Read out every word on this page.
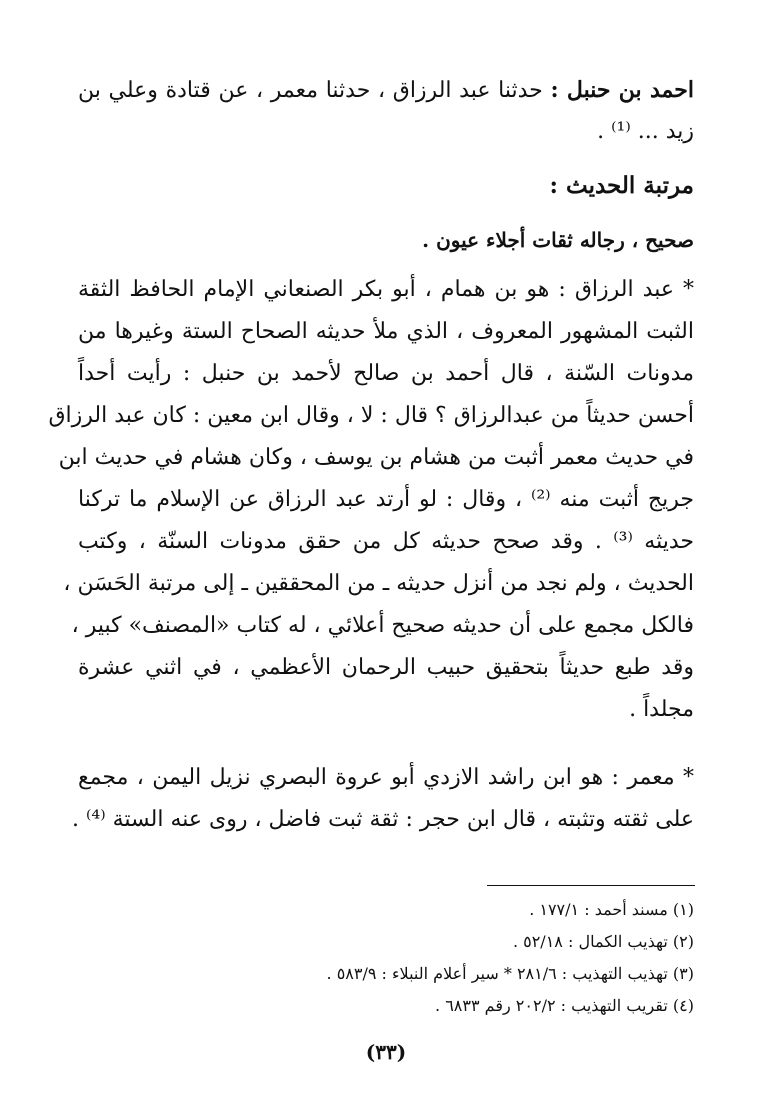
احمد بن حنبل : حدثنا عبد الرزاق ، حدثنا معمر ، عن قتادة وعلي بن
زيد ... ⁽¹⁾ .
مرتبة الحديث :
صحيح ، رجاله ثقات أجلاء عيون .
* عبد الرزاق : هو بن همام ، أبو بكر الصنعاني الإمام الحافظ الثقة
الثبت المشهور المعروف ، الذي ملأ حديثه الصحاح الستة وغيرها من
مدونات السّنة ، قال أحمد بن صالح لأحمد بن حنبل : رأيت أحداً
أحسن حديثاً من عبدالرزاق ؟ قال : لا ، وقال ابن معين : كان عبد الرزاق
في حديث معمر أثبت من هشام بن يوسف ، وكان هشام في حديث ابن
جريج أثبت منه ⁽²⁾ ، وقال : لو أرتد عبد الرزاق عن الإسلام ما تركنا
حديثه ⁽³⁾ . وقد صحح حديثه كل من حقق مدونات السنّة ، وكتب
الحديث ، ولم نجد من أنزل حديثه ـ من المحققين ـ إلى مرتبة الحَسَن ،
فالكل مجمع على أن حديثه صحيح أعلائي ، له كتاب «المصنف» كبير ،
وقد طبع حديثاً بتحقيق حبيب الرحمان الأعظمي ، في اثني عشرة
مجلداً .
* معمر : هو ابن راشد الازدي أبو عروة البصري نزيل اليمن ، مجمع
على ثقته وتثبته ، قال ابن حجر : ثقة ثبت فاضل ، روى عنه الستة ⁽⁴⁾ .
(١) مسند أحمد : ١٧٧/١ .
(٢) تهذيب الكمال : ٥٢/١٨ .
(٣) تهذيب التهذيب : ٢٨١/٦ * سير أعلام النبلاء : ٥٨٣/٩ .
(٤) تقريب التهذيب : ٢٠٢/٢ رقم ٦٨٣٣ .
(٣٣)
